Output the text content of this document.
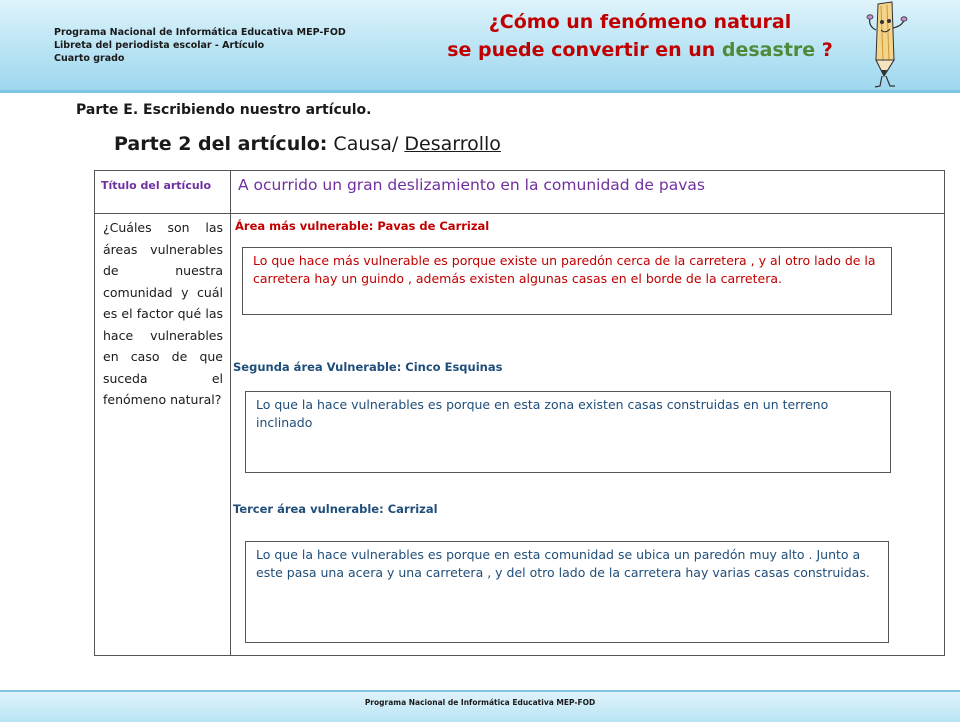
Programa Nacional de Informática Educativa MEP-FOD
Libreta del periodista escolar - Artículo
Cuarto grado
¿Cómo un fenómeno natural
se puede convertir en un desastre ?
Parte E. Escribiendo nuestro artículo.
Parte 2 del artículo: Causa/ Desarrollo
Título del artículo A ocurrido un gran deslizamiento en la comunidad de pavas
¿Cuáles son las áreas vulnerables de nuestra comunidad y cuál es el factor qué las hace vulnerables en caso de que suceda el fenómeno natural?
Área más vulnerable: Pavas de Carrizal
Lo que hace más vulnerable es porque existe un paredón cerca de la carretera , y al otro lado de la carretera hay un guindo , además existen algunas casas en el borde de la carretera.
Segunda área Vulnerable: Cinco Esquinas
Lo que la hace vulnerables es porque en esta zona existen casas construidas en un terreno inclinado
Tercer área vulnerable: Carrizal
Lo que la hace vulnerables es porque en esta comunidad se ubica un paredón muy alto . Junto a este pasa una acera y una carretera , y del otro lado de la carretera hay varias casas construidas.
Programa Nacional de Informática Educativa MEP-FOD
